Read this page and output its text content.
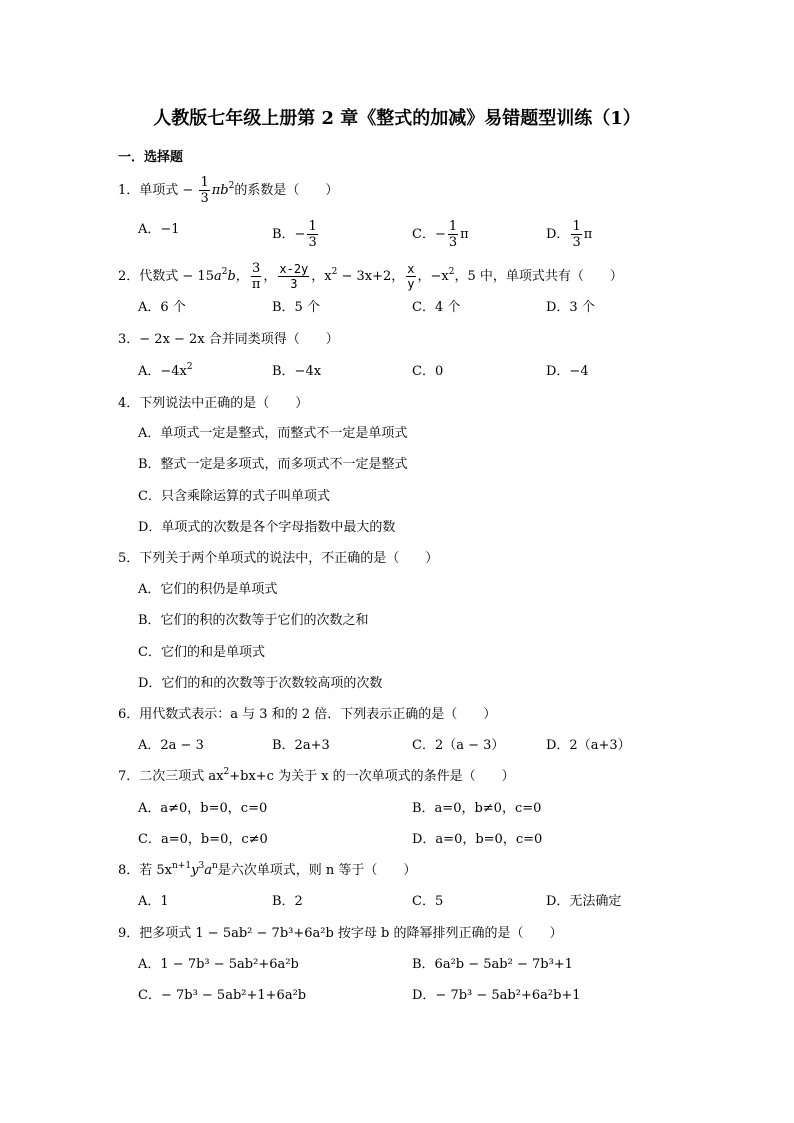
人教版七年级上册第 2 章《整式的加减》易错题型训练（1）
一．选择题
1．单项式 − $\frac{1}{3} \pi b^2$的系数是（　　）
A．−1	B．− $\frac{1}{3}$	C．− $\frac{1}{3}$ π	D． $\frac{1}{3}$ π
2．代数式 − $15a^2b$， $\frac{3}{\pi}$ ， $\frac{x-2y}{3}$ ，$x^2 - 3x+2$， $\frac{x}{y}$ ，$-x^2$，5 中，单项式共有（　　）
A．6 个	B．5 个	C．4 个	D．3 个
3．− 2x − 2x 合并同类项得（　　）
A．$-4x^2$	B．−4x	C．0	D．−4
4．下列说法中正确的是（　　）
A．单项式一定是整式，而整式不一定是单项式
B．整式一定是多项式，而多项式不一定是整式
C．只含乘除运算的式子叫单项式
D．单项式的次数是各个字母指数中最大的数
5．下列关于两个单项式的说法中，不正确的是（　　）
A．它们的积仍是单项式
B．它们的积的次数等于它们的次数之和
C．它们的和是单项式
D．它们的和的次数等于次数较高项的次数
6．用代数式表示：a 与 3 和的 2 倍．下列表示正确的是（　　）
A．2a − 3	B．2a+3	C．2（a − 3）	D．2（a+3）
7．二次三项式 $ax^2+bx+c$ 为关于 x 的一次单项式的条件是（　　）
A．a≠0，b=0，c=0	B．a=0，b≠0，c=0
C．a=0，b=0，c≠0	D．a=0，b=0，c=0
8．若 $5x^{n+1}y^3a^n$是六次单项式，则 n 等于（　　）
A．1	B．2	C．5	D．无法确定
9．把多项式 1 − 5ab² − 7b³+6a²b 按字母 b 的降幂排列正确的是（　　）
A．1 − 7b³ − 5ab²+6a²b	B．6a²b − 5ab² − 7b³+1
C．− 7b³ − 5ab²+1+6a²b	D．− 7b³ − 5ab²+6a²b+1
